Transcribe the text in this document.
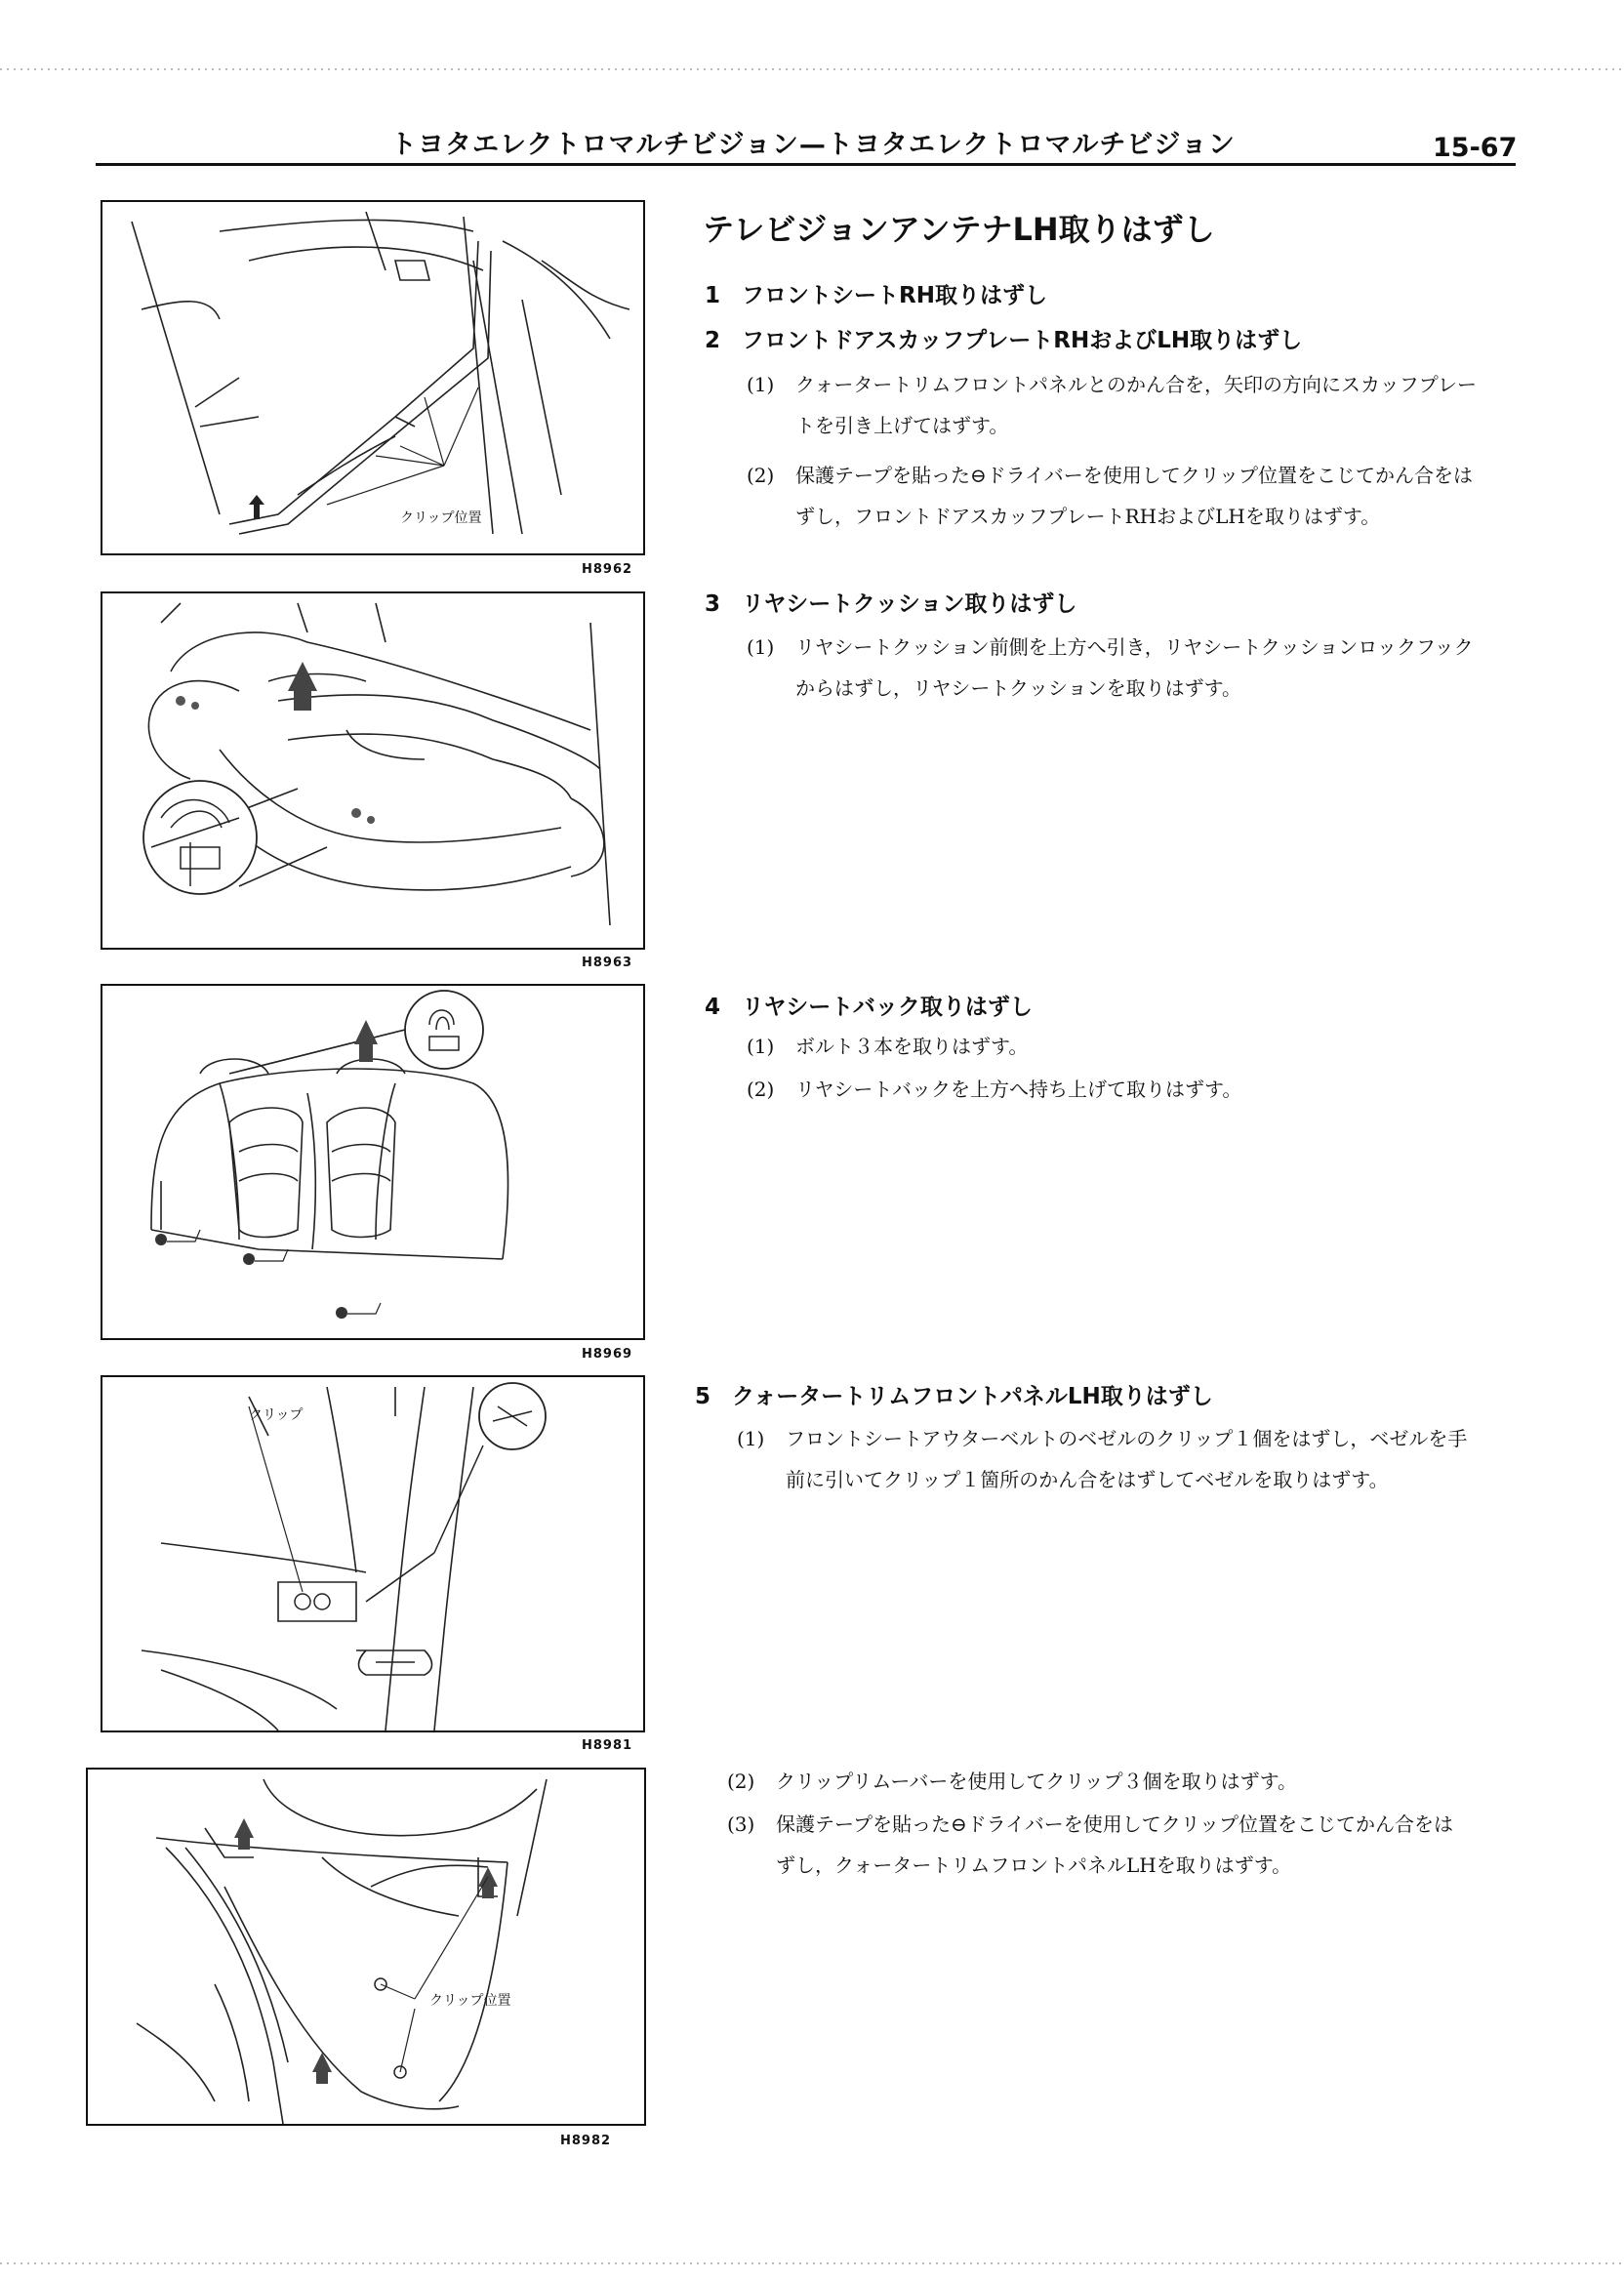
トヨタエレクトロマルチビジョン—トヨタエレクトロマルチビジョン	15-67
クリップ位置
H8962
H8963
H8969
クリップ
H8981
クリップ位置
H8982
テレビジョンアンテナLH取りはずし
1 フロントシートRH取りはずし
2 フロントドアスカッフプレートRHおよびLH取りはずし
(1) クォータートリムフロントパネルとのかん合を，矢印の方向にスカッフプレートを引き上げてはずす。
(2) 保護テープを貼った⊖ドライバーを使用してクリップ位置をこじてかん合をはずし，フロントドアスカッフプレートRHおよびLHを取りはずす。
3 リヤシートクッション取りはずし
(1) リヤシートクッション前側を上方へ引き，リヤシートクッションロックフックからはずし，リヤシートクッションを取りはずす。
4 リヤシートバック取りはずし
(1) ボルト３本を取りはずす。
(2) リヤシートバックを上方へ持ち上げて取りはずす。
5 クォータートリムフロントパネルLH取りはずし
(1) フロントシートアウターベルトのベゼルのクリップ１個をはずし，ベゼルを手前に引いてクリップ１箇所のかん合をはずしてベゼルを取りはずす。
(2) クリップリムーバーを使用してクリップ３個を取りはずす。
(3) 保護テープを貼った⊖ドライバーを使用してクリップ位置をこじてかん合をはずし，クォータートリムフロントパネルLHを取りはずす。
